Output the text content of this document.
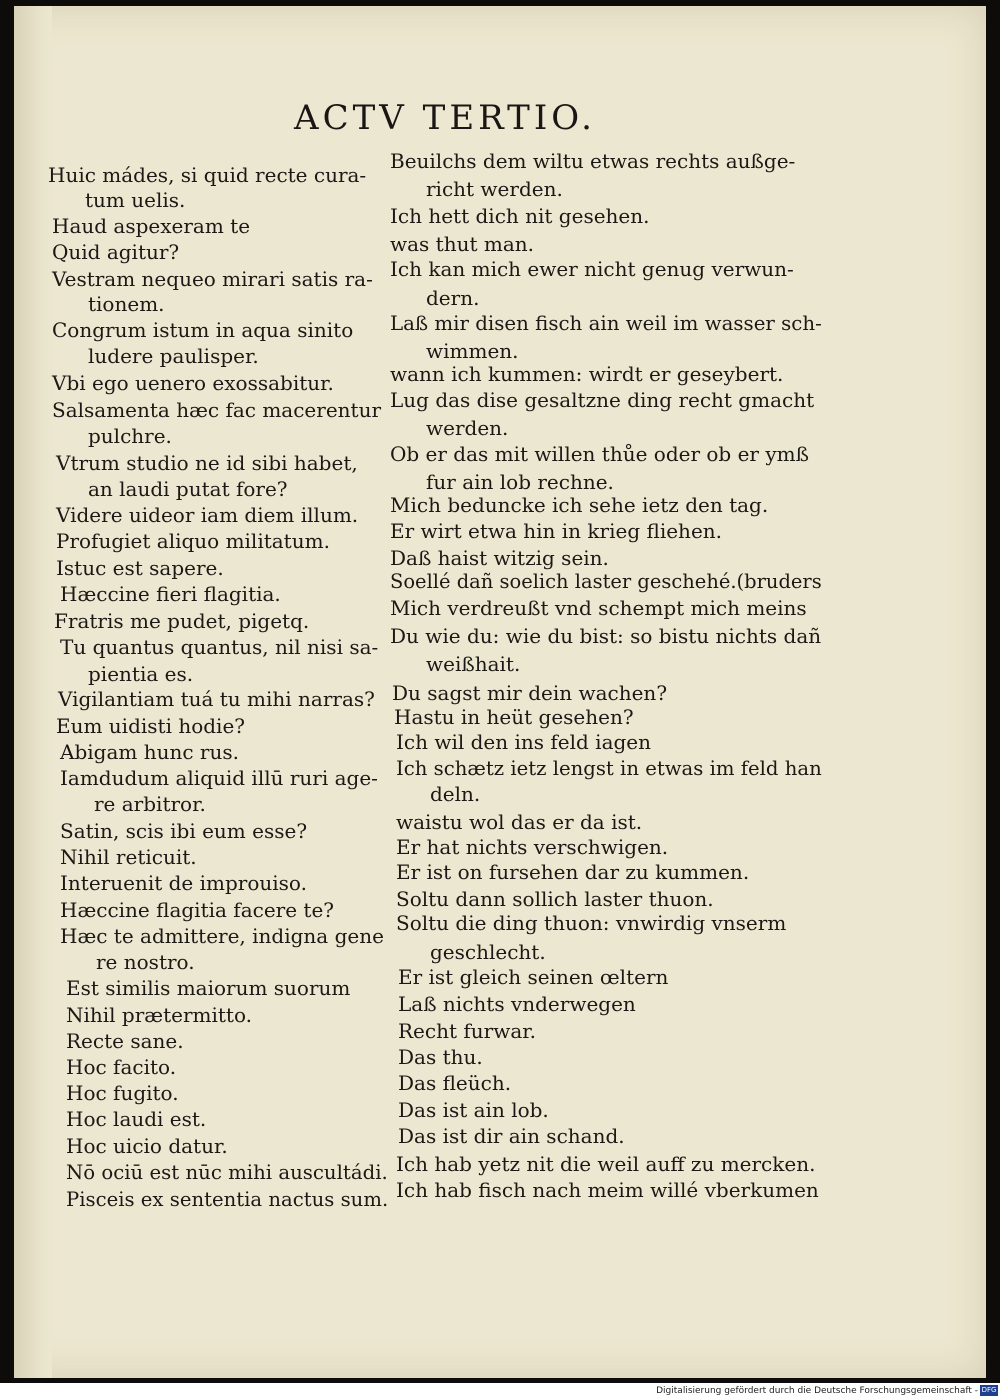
ACTV TERTIO.
Huic mádes, si quid recte cura-
tum uelis.
Haud aspexeram te
Quid agitur?
Vestram nequeo mirari satis ra-
tionem.
Congrum istum in aqua sinito
ludere paulisper.
Vbi ego uenero exossabitur.
Salsamenta hæc fac macerentur
pulchre.
Vtrum studio ne id sibi habet,
an laudi putat fore?
Videre uideor iam diem illum.
Profugiet aliquo militatum.
Istuc est sapere.
Hæccine fieri flagitia.
Fratris me pudet, pigetq.
Tu quantus quantus, nil nisi sa-
pientia es.
Vigilantiam tuá tu mihi narras?
Eum uidisti hodie?
Abigam hunc rus.
Iamdudum aliquid illū ruri age-
re arbitror.
Satin, scis ibi eum esse?
Nihil reticuit.
Interuenit de improuiso.
Hæccine flagitia facere te?
Hæc te admittere, indigna gene
re nostro.
Est similis maiorum suorum
Nihil prætermitto.
Recte sane.
Hoc facito.
Hoc fugito.
Hoc laudi est.
Hoc uicio datur.
Nō ociū est nūc mihi auscultádi.
Pisceis ex sententia nactus sum.
Beuilchs dem wiltu etwas rechts außge-
richt werden.
Ich hett dich nit gesehen.
was thut man.
Ich kan mich ewer nicht genug verwun-
dern.
Laß mir disen fisch ain weil im wasser sch-
wimmen.
wann ich kummen: wirdt er geseybert.
Lug das dise gesaltzne ding recht gmacht
werden.
Ob er das mit willen thůe oder ob er ymß
fur ain lob rechne.
Mich beduncke ich sehe ietz den tag.
Er wirt etwa hin in krieg fliehen.
Daß haist witzig sein.
Soellé dañ soelich laster geschehé.(bruders
Mich verdreußt vnd schempt mich meins
Du wie du: wie du bist: so bistu nichts dañ
weißhait.
Du sagst mir dein wachen?
Hastu in heüt gesehen?
Ich wil den ins feld iagen
Ich schætz ietz lengst in etwas im feld han
deln.
waistu wol das er da ist.
Er hat nichts verschwigen.
Er ist on fursehen dar zu kummen.
Soltu dann sollich laster thuon.
Soltu die ding thuon: vnwirdig vnserm
geschlecht.
Er ist gleich seinen œltern
Laß nichts vnderwegen
Recht furwar.
Das thu.
Das fleüch.
Das ist ain lob.
Das ist dir ain schand.
Ich hab yetz nit die weil auff zu mercken.
Ich hab fisch nach meim willé vberkumen
Digitalisierung gefördert durch die Deutsche Forschungsgemeinschaft - DFG
